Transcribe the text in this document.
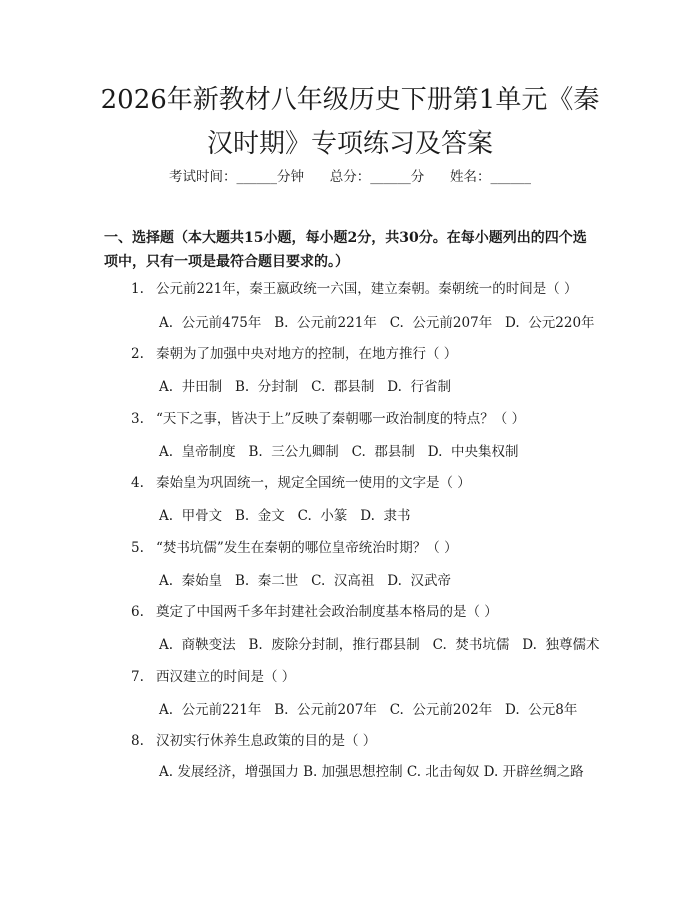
2026年新教材八年级历史下册第1单元《秦
汉时期》专项练习及答案
考试时间：______分钟      总分：______分      姓名：______
一、选择题（本大题共15小题，每小题2分，共30分。在每小题列出的四个选
项中，只有一项是最符合题目要求的。）
1. 公元前221年，秦王嬴政统一六国，建立秦朝。秦朝统一的时间是（ ）
A.  公元前475年   B.  公元前221年   C.  公元前207年   D.  公元220年
2. 秦朝为了加强中央对地方的控制，在地方推行（ ）
A.  井田制   B.  分封制   C.  郡县制   D.  行省制
3. “天下之事，皆决于上”反映了秦朝哪一政治制度的特点？（ ）
A.  皇帝制度   B.  三公九卿制   C.  郡县制   D.  中央集权制
4. 秦始皇为巩固统一，规定全国统一使用的文字是（ ）
A.  甲骨文   B.  金文   C.  小篆   D.  隶书
5. “焚书坑儒”发生在秦朝的哪位皇帝统治时期？（ ）
A.  秦始皇   B.  秦二世   C.  汉高祖   D.  汉武帝
6. 奠定了中国两千多年封建社会政治制度基本格局的是（ ）
A.  商鞅变法   B.  废除分封制，推行郡县制   C.  焚书坑儒   D.  独尊儒术
7. 西汉建立的时间是（ ）
A.  公元前221年   B.  公元前207年   C.  公元前202年   D.  公元8年
8. 汉初实行休养生息政策的目的是（ ）
A. 发展经济，增强国力 B. 加强思想控制 C. 北击匈奴 D. 开辟丝绸之路
